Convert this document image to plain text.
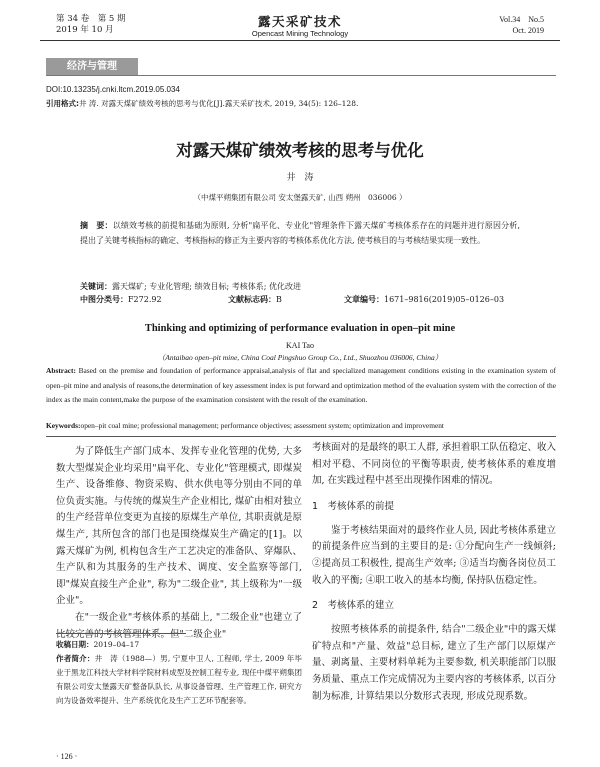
第 34 卷　第 5 期
2019 年 10 月
露天采矿技术
Opencast Mining Technology
Vol.34　No.5
Oct. 2019
经济与管理
DOI:10.13235/j.cnki.ltcm.2019.05.034
引用格式:井 涛. 对露天煤矿绩效考核的思考与优化[J].露天采矿技术, 2019, 34(5): 126–128.
对露天煤矿绩效考核的思考与优化
井　涛
（中煤平朔集团有限公司 安太堡露天矿, 山西 朔州　036006 ）
摘　要：以绩效考核的前提和基础为原则, 分析"扁平化、专业化"管理条件下露天煤矿考核体系存在的问题并进行原因分析, 提出了关键考核指标的确定、考核指标的修正为主要内容的考核体系优化方法, 使考核目的与考核结果实现一致性。
关键词：露天煤矿; 专业化管理; 绩效目标; 考核体系; 优化改进
中图分类号：F272.92	文献标志码：B	文章编号：1671–9816(2019)05–0126–03
Thinking and optimizing of performance evaluation in open–pit mine
KAI Tao
（Antaibao open–pit mine, China Coal Pingshuo Group Co., Ltd., Shuozhou 036006, China）
Abstract: Based on the premise and foundation of performance appraisal,analysis of flat and specialized management conditions existing in the examination system of open–pit mine and analysis of reasons,the determination of key assessment index is put forward and optimization method of the evaluation system with the correction of the index as the main content,make the purpose of the examination consistent with the result of the examination.
Keywords:open–pit coal mine; professional management; performance objectives; assessment system; optimization and improvement

为了降低生产部门成本、发挥专业化管理的优势, 大多数大型煤炭企业均采用"扁平化、专业化"管理模式, 即煤炭生产、设备维修、物资采购、供水供电等分别由不同的单位负责实施。与传统的煤炭生产企业相比, 煤矿由相对独立的生产经营单位变更为直接的原煤生产单位, 其职责就是原煤生产, 其所包含的部门也是围绕煤炭生产确定的[1]。以露天煤矿为例, 机构包含生产工艺决定的准备队、穿爆队、生产队和为其服务的生产技术、调度、安全监察等部门, 即"煤炭直接生产企业", 称为"二级企业", 其上级称为"一级企业"。

在"一级企业"考核体系的基础上, "二级企业"也建立了比较完善的考核管理体系。但"二级企业"

收稿日期：2019–04–17
作者简介：井　涛（1988—）男, 宁夏中卫人, 工程师, 学士, 2009 年毕业于黑龙江科技大学材料学院材料成型及控制工程专业, 现任中煤平朔集团有限公司安太堡露天矿整备队队长, 从事设备管理、生产管理工作, 研究方向为设备效率提升、生产系统优化及生产工艺环节配套等。

考核面对的是最终的职工人群, 承担着职工队伍稳定、收入相对平稳、不同岗位的平衡等职责, 使考核体系的难度增加, 在实践过程中甚至出现操作困难的情况。

1　考核体系的前提

鉴于考核结果面对的最终作业人员, 因此考核体系建立的前提条件应当到的主要目的是: ①分配向生产一线倾斜; ②提高员工积极性, 提高生产效率; ③适当均衡各岗位员工收入的平衡; ④职工收入的基本均衡, 保持队伍稳定性。

2　考核体系的建立

按照考核体系的前提条件, 结合"二级企业"中的露天煤矿特点和"产量、效益"总目标, 建立了生产部门以原煤产量、剥离量、主要材料单耗为主要参数, 机关职能部门以服务质量、重点工作完成情况为主要内容的考核体系, 以百分制为标准, 计算结果以分数形式表现, 形成兑现系数。

· 126 ·
